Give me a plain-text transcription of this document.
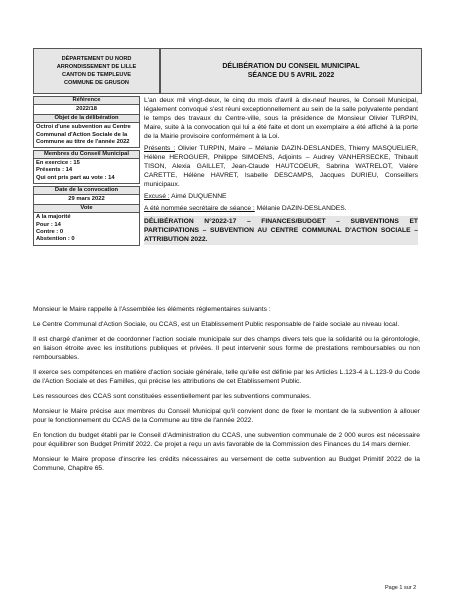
DÉPARTEMENT DU NORD
ARRONDISSEMENT DE LILLE
CANTON DE TEMPLEUVE
COMMUNE DE GRUSON
DÉLIBÉRATION DU CONSEIL MUNICIPAL
SÉANCE DU 5 AVRIL 2022
Référence
2022/18
Objet de la délibération
Octroi d'une subvention au Centre Communal d'Action Sociale de la Commune au titre de l'année 2022
Membres du Conseil Municipal
En exercice : 15
Présents : 14
Qui ont pris part au vote : 14
Date de la convocation
29 mars 2022
Vote
A la majorité
Pour : 14
Contre : 0
Abstention : 0

L'an deux mil vingt-deux, le cinq du mois d'avril à dix-neuf heures, le Conseil Municipal, légalement convoqué s'est réuni exceptionnellement au sein de la salle polyvalente pendant le temps des travaux du Centre-ville, sous la présidence de Monsieur Olivier TURPIN, Maire, suite à la convocation qui lui a été faite et dont un exemplaire a été affiché à la porte de la Mairie provisoire conformément à la Loi.

Présents : Olivier TURPIN, Maire – Mélanie DAZIN-DESLANDES, Thierry MASQUELIER, Hélène HEROGUER, Philippe SIMOENS, Adjoints – Audrey VANHERSECKE, Thibault TISON, Alexia GAILLET, Jean-Claude HAUTCOEUR, Sabrina WATRELOT, Valère CARETTE, Hélène HAVRET, Isabelle DESCAMPS, Jacques DURIEU, Conseillers municipaux.

Excusé : Aimé DUQUENNE

A été nommée secrétaire de séance : Mélanie DAZIN-DESLANDES.

DÉLIBÉRATION N°2022-17 – FINANCES/BUDGET – SUBVENTIONS ET PARTICIPATIONS – SUBVENTION AU CENTRE COMMUNAL D'ACTION SOCIALE – ATTRIBUTION 2022.

Monsieur le Maire rappelle à l'Assemblée les éléments réglementaires suivants :

Le Centre Communal d'Action Sociale, ou CCAS, est un Etablissement Public responsable de l'aide sociale au niveau local.

Il est chargé d'animer et de coordonner l'action sociale municipale sur des champs divers tels que la solidarité ou la gérontologie, en liaison étroite avec les institutions publiques et privées. Il peut intervenir sous forme de prestations remboursables ou non remboursables.

Il exerce ses compétences en matière d'action sociale générale, telle qu'elle est définie par les Articles L.123-4 à L.123-9 du Code de l'Action Sociale et des Familles, qui précise les attributions de cet Etablissement Public.

Les ressources des CCAS sont constituées essentiellement par les subventions communales.

Monsieur le Maire précise aux membres du Conseil Municipal qu'il convient donc de fixer le montant de la subvention à allouer pour le fonctionnement du CCAS de la Commune au titre de l'année 2022.

En fonction du budget établi par le Conseil d'Administration du CCAS, une subvention communale de 2 000 euros est nécessaire pour équilibrer son Budget Primitif 2022. Ce projet a reçu un avis favorable de la Commission des Finances du 14 mars dernier.

Monsieur le Maire propose d'inscrire les crédits nécessaires au versement de cette subvention au Budget Primitif 2022 de la Commune, Chapitre 65.

Page 1 sur 2
